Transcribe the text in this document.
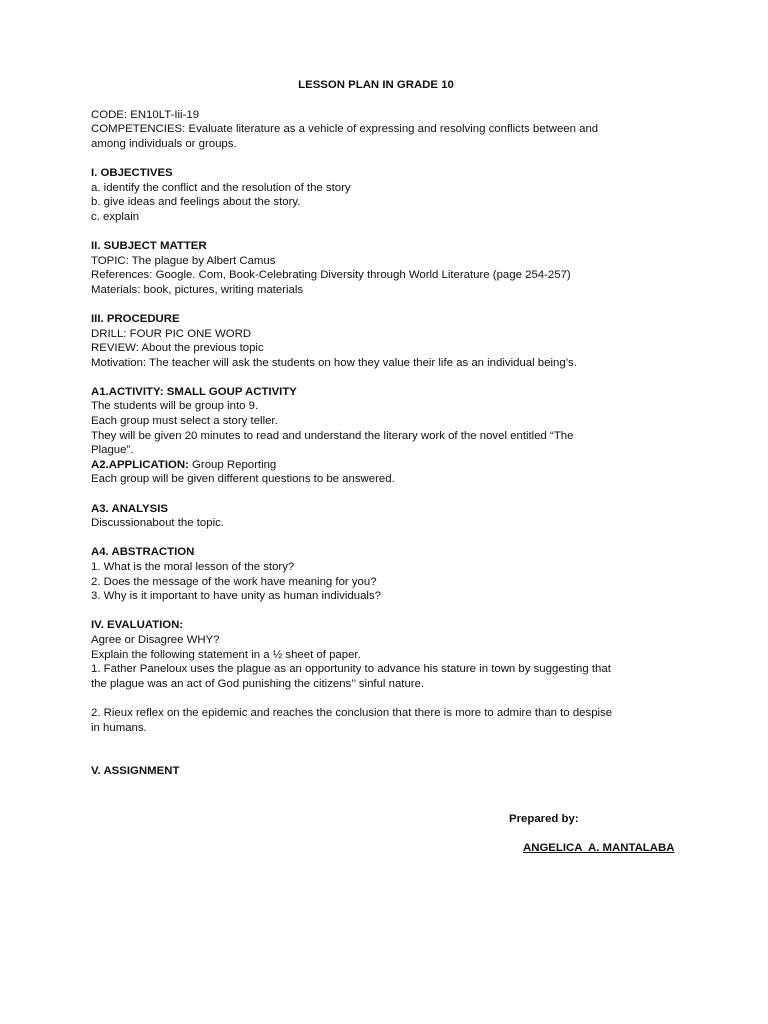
LESSON PLAN IN GRADE 10
CODE: EN10LT-Iii-19
COMPETENCIES: Evaluate literature as a vehicle of expressing and resolving conflicts between and
among individuals or groups.
I. OBJECTIVES
a. identify the conflict and the resolution of the story
b. give ideas and feelings about the story.
c. explain
II. SUBJECT MATTER
TOPIC: The plague by Albert Camus
References: Google. Com, Book-Celebrating Diversity through World Literature (page 254-257)
Materials: book, pictures, writing materials
III. PROCEDURE
DRILL: FOUR PIC ONE WORD
REVIEW: About the previous topic
Motivation: The teacher will ask the students on how they value their life as an individual being’s.
A1.ACTIVITY: SMALL GOUP ACTIVITY
The students will be group into 9.
Each group must select a story teller.
They will be given 20 minutes to read and understand the literary work of the novel entitled “The
Plague”.
A2.APPLICATION: Group Reporting
Each group will be given different questions to be answered.
A3. ANALYSIS
Discussionabout the topic.
A4. ABSTRACTION
1. What is the moral lesson of the story?
2. Does the message of the work have meaning for you?
3. Why is it important to have unity as human individuals?
IV. EVALUATION:
Agree or Disagree WHY?
Explain the following statement in a ½ sheet of paper.
1. Father Paneloux uses the plague as an opportunity to advance his stature in town by suggesting that
the plague was an act of God punishing the citizens’’ sinful nature.
2. Rieux reflex on the epidemic and reaches the conclusion that there is more to admire than to despise
in humans.
V. ASSIGNMENT
Prepared by:
ANGELICA  A. MANTALABA
